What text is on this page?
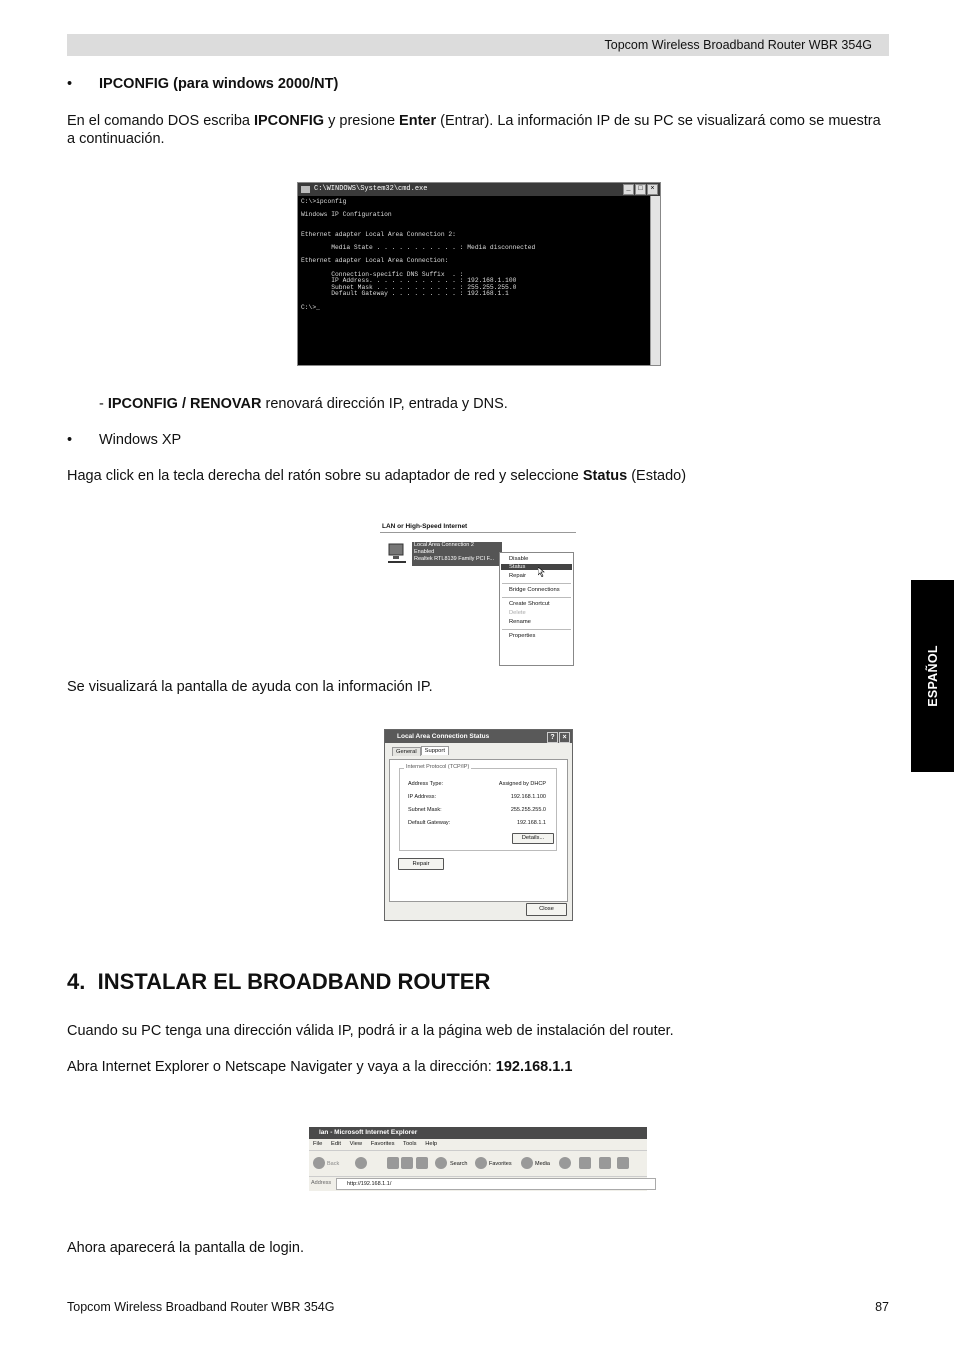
Topcom Wireless Broadband Router WBR 354G
ESPAÑOL
• IPCONFIG (para windows 2000/NT)
En el comando DOS escriba IPCONFIG y presione Enter (Entrar). La información IP de su PC se visualizará como se muestra a continuación.
C:\WINDOWS\System32\cmd.exe	_	□	×
C:\>ipconfig

Windows IP Configuration

Ethernet adapter Local Area Connection 2:

Media State . . . . . . . . . . . : Media disconnected

Ethernet adapter Local Area Connection:

Connection-specific DNS Suffix  . :
IP Address. . . . . . . . . . . . : 192.168.1.100
Subnet Mask . . . . . . . . . . . : 255.255.255.0
Default Gateway . . . . . . . . . : 192.168.1.1

C:\>_
- IPCONFIG / RENOVAR renovará dirección IP, entrada y DNS.
• Windows XP
Haga click en la tecla derecha del ratón sobre su adaptador de red y seleccione Status (Estado)
LAN or High-Speed Internet
Local Area Connection 2
Enabled
Realtek RTL8139 Family PCI F...	Disable
Status
Repair
Bridge Connections
Create Shortcut
Delete
Rename
Properties
Se visualizará la pantalla de ayuda con la información IP.
Local Area Connection Status	?	×
General Support
Internet Protocol (TCP/IP)
Address Type:	Assigned by DHCP
IP Address:	192.168.1.100
Subnet Mask:	255.255.255.0
Default Gateway:	192.168.1.1
Details...
Repair
Close
4. INSTALAR EL BROADBAND ROUTER
Cuando su PC tenga una dirección válida IP, podrá ir a la página web de instalación del router.
Abra Internet Explorer o Netscape Navigater y vaya a la dirección: 192.168.1.1
lan - Microsoft Internet Explorer
File Edit View Favorites Tools Help
Back	Search	Favorites	Media
Address	http://192.168.1.1/
Ahora aparecerá la pantalla de login.
Topcom Wireless Broadband Router WBR 354G	87
